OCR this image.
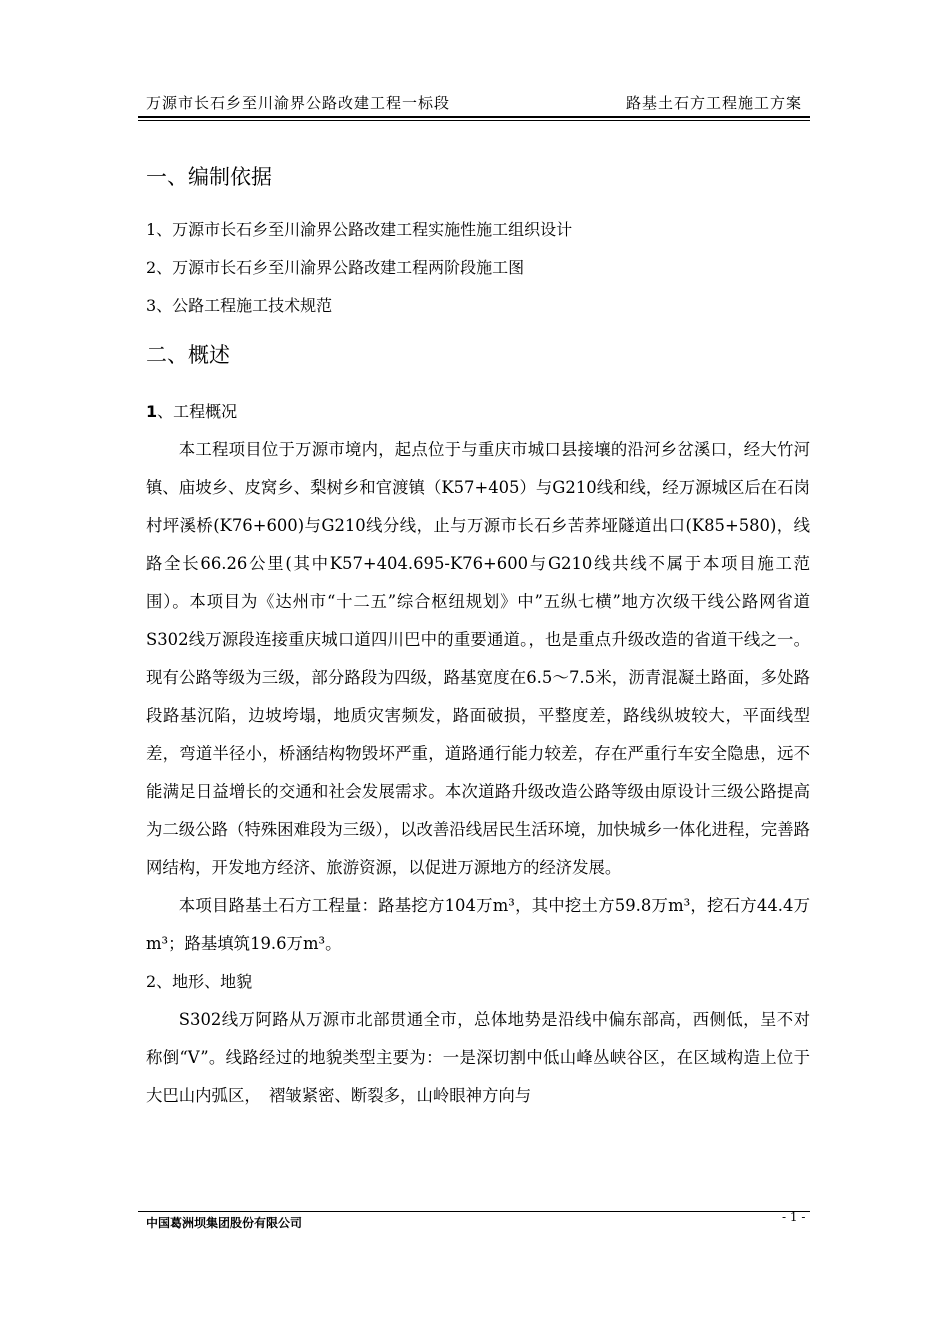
万源市长石乡至川渝界公路改建工程一标段	路基土石方工程施工方案
一、编制依据

1、万源市长石乡至川渝界公路改建工程实施性施工组织设计

2、万源市长石乡至川渝界公路改建工程两阶段施工图

3、公路工程施工技术规范

二、概述

1、工程概况

本工程项目位于万源市境内，起点位于与重庆市城口县接壤的沿河乡岔溪口，经大竹河镇、庙坡乡、皮窝乡、梨树乡和官渡镇（K57+405）与G210线和线，经万源城区后在石岗村坪溪桥(K76+600)与G210线分线，止与万源市长石乡苦荞垭隧道出口(K85+580)，线路全长66.26公里(其中K57+404.695-K76+600与G210线共线不属于本项目施工范围）。本项目为《达州市“十二五”综合枢纽规划》中”五纵七横”地方次级干线公路网省道S302线万源段连接重庆城口道四川巴中的重要通道。，也是重点升级改造的省道干线之一。现有公路等级为三级，部分路段为四级，路基宽度在6.5～7.5米，沥青混凝土路面，多处路段路基沉陷，边坡垮塌，地质灾害频发，路面破损，平整度差，路线纵坡较大，平面线型差，弯道半径小，桥涵结构物毁坏严重，道路通行能力较差，存在严重行车安全隐患，远不能满足日益增长的交通和社会发展需求。本次道路升级改造公路等级由原设计三级公路提高为二级公路（特殊困难段为三级），以改善沿线居民生活环境，加快城乡一体化进程，完善路网结构，开发地方经济、旅游资源，以促进万源地方的经济发展。

本项目路基土石方工程量：路基挖方104万m³，其中挖土方59.8万m³，挖石方44.4万m³；路基填筑19.6万m³。

2、地形、地貌

S302线万阿路从万源市北部贯通全市，总体地势是沿线中偏东部高，西侧低，呈不对称倒“V”。线路经过的地貌类型主要为：一是深切割中低山峰丛峡谷区，在区域构造上位于大巴山内弧区，　褶皱紧密、断裂多，山岭眼神方向与

中国葛洲坝集团股份有限公司	- 1 -
